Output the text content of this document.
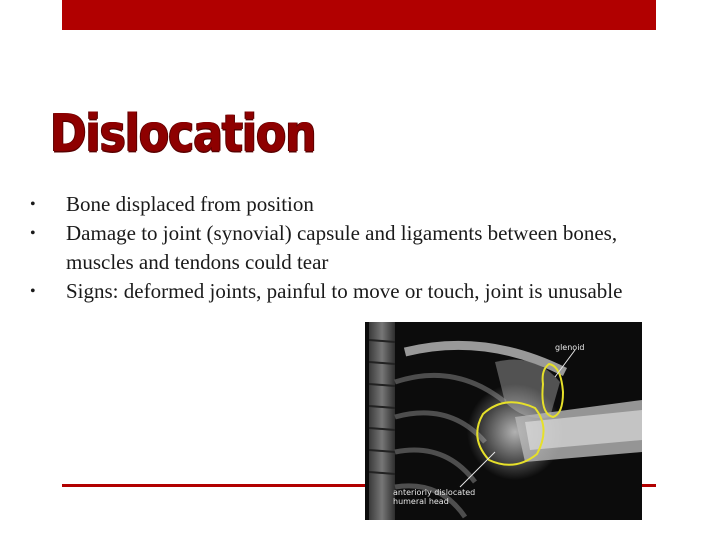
Dislocation
• Bone displaced from position
• Damage to joint (synovial) capsule and ligaments between bones, muscles and tendons could tear
• Signs: deformed joints, painful to move or touch, joint is unusable
glenoid
anteriorly dislocated humeral head
